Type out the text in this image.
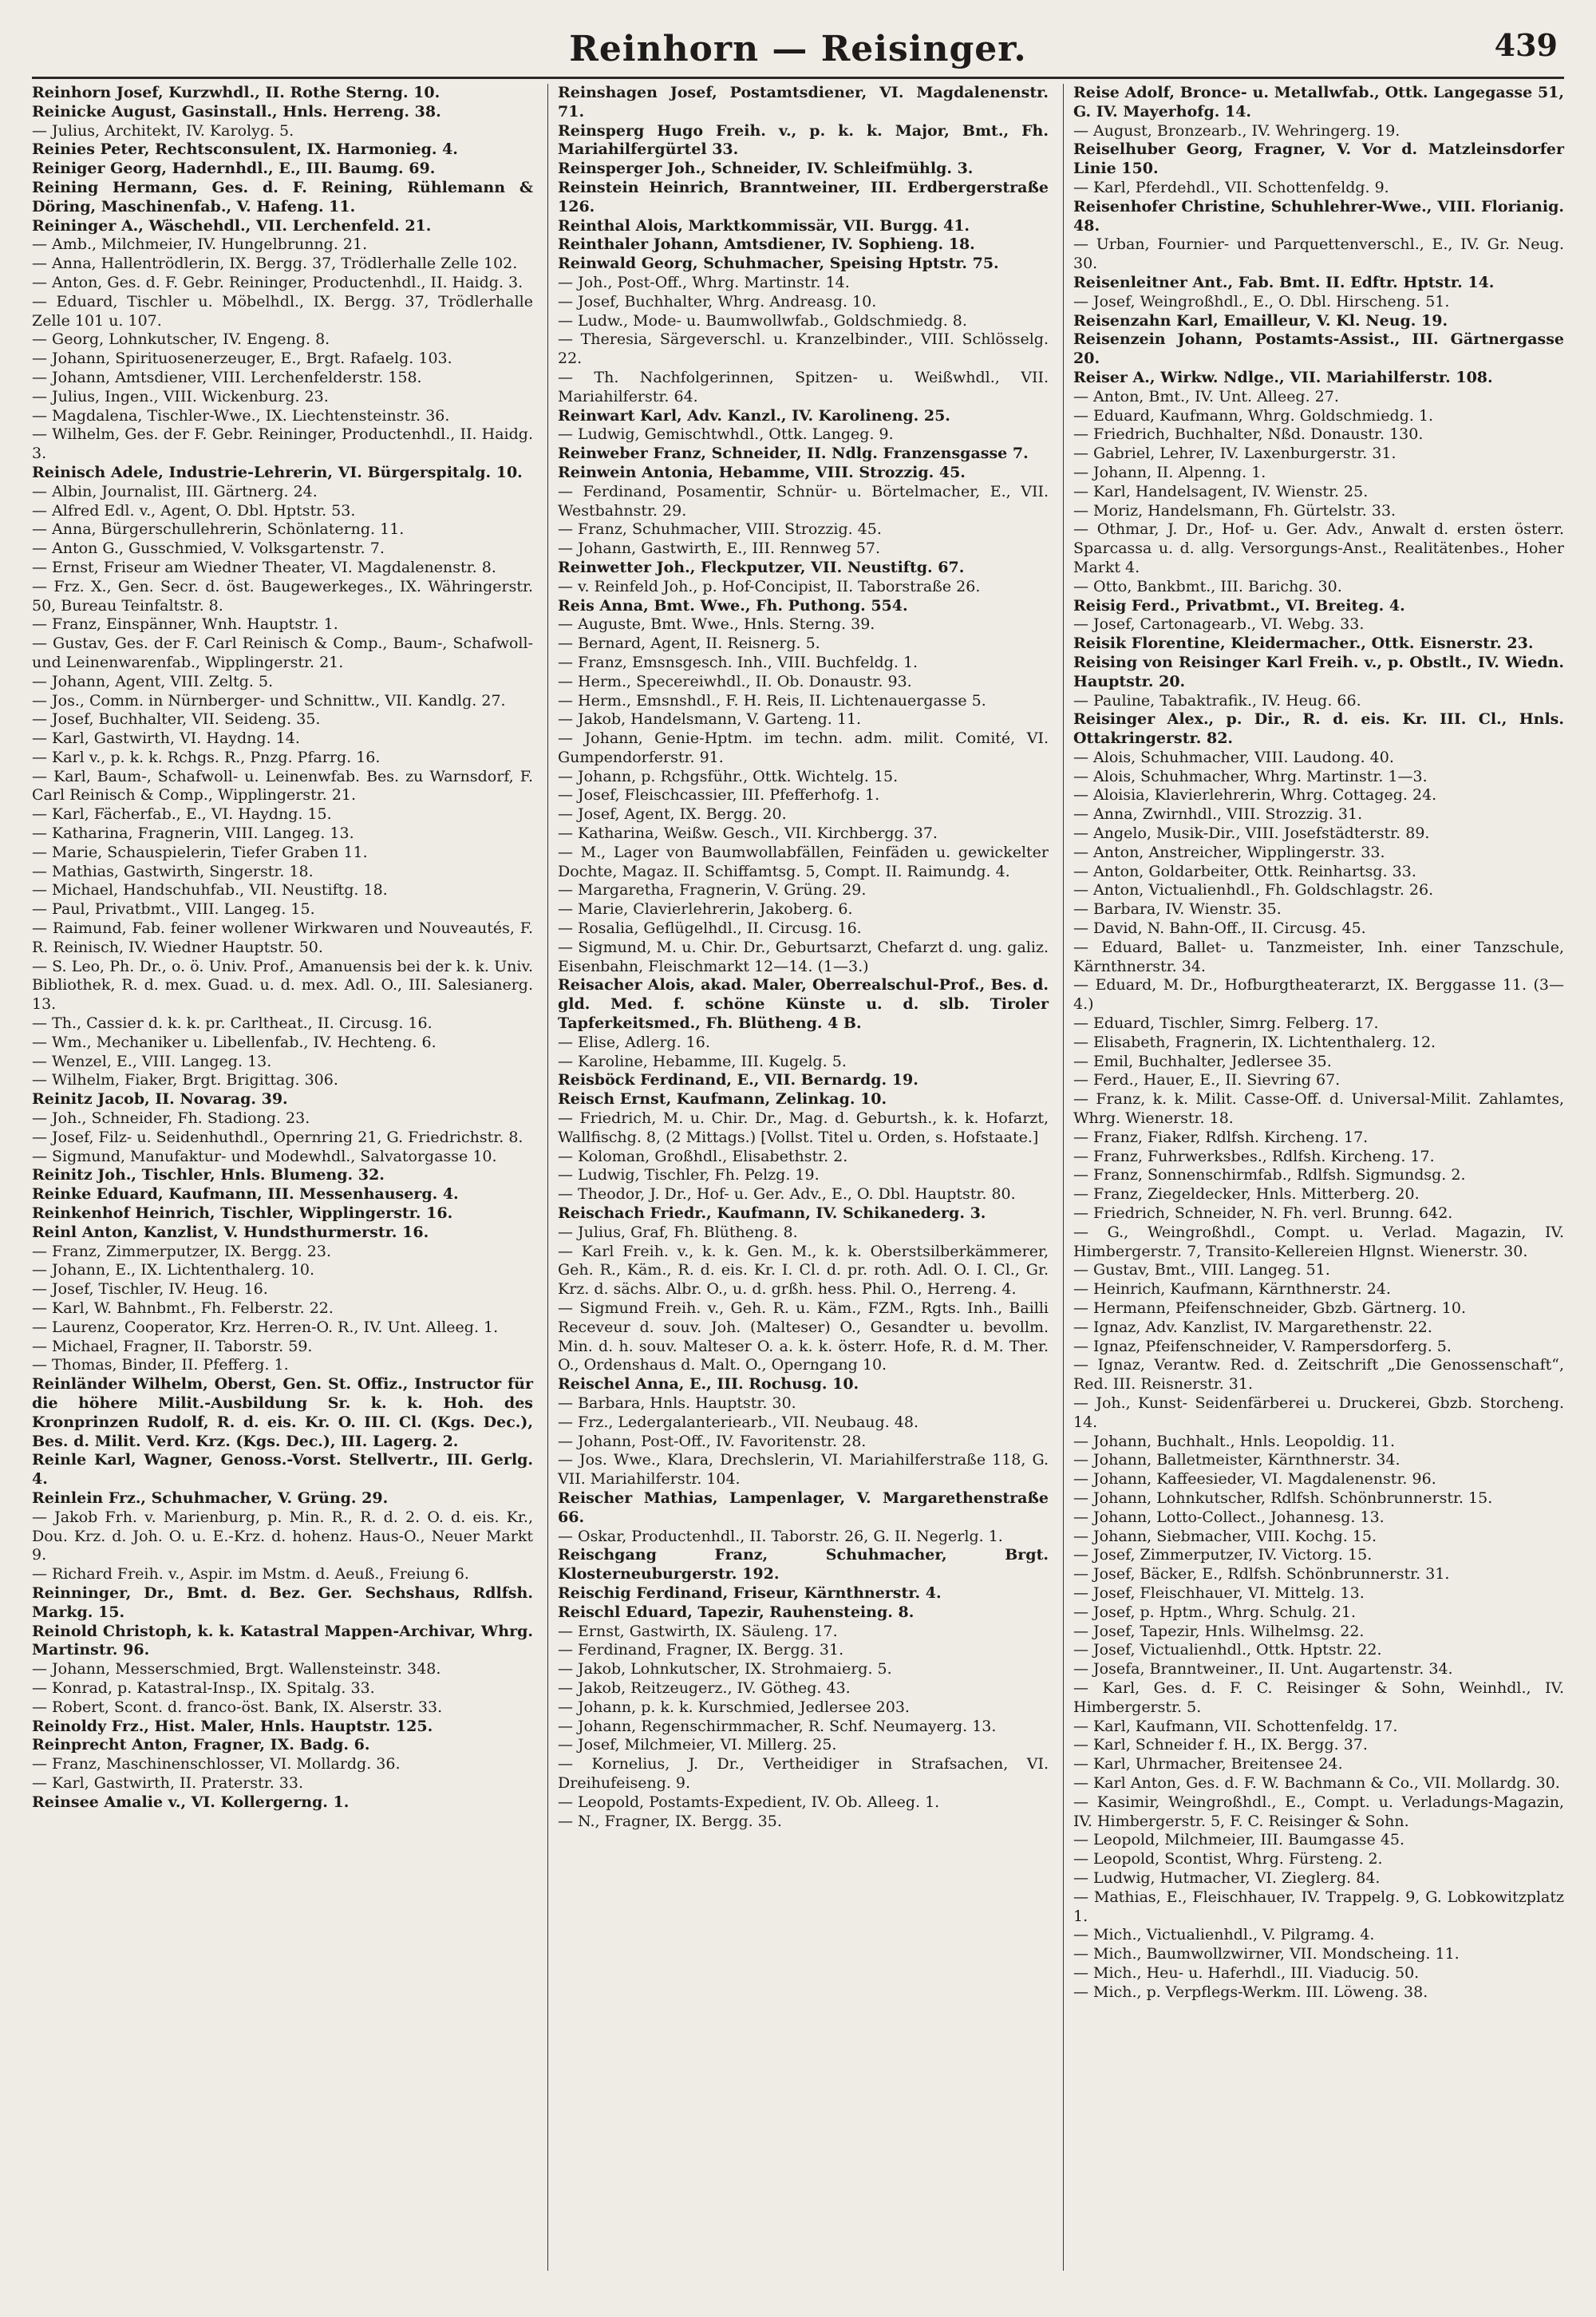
Reinhorn — Reisinger.	439

Reinhorn Josef, Kurzwhdl., II. Rothe Sterng. 10.

Reinicke August, Gasinstall., Hnls. Herreng. 38.

— Julius, Architekt, IV. Karolyg. 5.

Reinies Peter, Rechtsconsulent, IX. Harmonieg. 4.

Reiniger Georg, Hadernhdl., E., III. Baumg. 69.

Reining Hermann, Ges. d. F. Reining, Rühlemann & Döring, Maschinenfab., V. Hafeng. 11.

Reininger A., Wäschehdl., VII. Lerchenfeld. 21.

— Amb., Milchmeier, IV. Hungelbrunng. 21.

— Anna, Hallentrödlerin, IX. Bergg. 37, Trödlerhalle Zelle 102.

— Anton, Ges. d. F. Gebr. Reininger, Productenhdl., II. Haidg. 3.

— Eduard, Tischler u. Möbelhdl., IX. Bergg. 37, Trödlerhalle Zelle 101 u. 107.

— Georg, Lohnkutscher, IV. Engeng. 8.

— Johann, Spirituosenerzeuger, E., Brgt. Rafaelg. 103.

— Johann, Amtsdiener, VIII. Lerchenfelderstr. 158.

— Julius, Ingen., VIII. Wickenburg. 23.

— Magdalena, Tischler-Wwe., IX. Liechtensteinstr. 36.

— Wilhelm, Ges. der F. Gebr. Reininger, Productenhdl., II. Haidg. 3.

Reinisch Adele, Industrie-Lehrerin, VI. Bürgerspitalg. 10.

— Albin, Journalist, III. Gärtnerg. 24.

— Alfred Edl. v., Agent, O. Dbl. Hptstr. 53.

— Anna, Bürgerschullehrerin, Schönlaterng. 11.

— Anton G., Gusschmied, V. Volksgartenstr. 7.

— Ernst, Friseur am Wiedner Theater, VI. Magdalenenstr. 8.

— Frz. X., Gen. Secr. d. öst. Baugewerkeges., IX. Währingerstr. 50, Bureau Teinfaltstr. 8.

— Franz, Einspänner, Wnh. Hauptstr. 1.

— Gustav, Ges. der F. Carl Reinisch & Comp., Baum-, Schafwoll- und Leinenwarenfab., Wipplingerstr. 21.

— Johann, Agent, VIII. Zeltg. 5.

— Jos., Comm. in Nürnberger- und Schnittw., VII. Kandlg. 27.

— Josef, Buchhalter, VII. Seideng. 35.

— Karl, Gastwirth, VI. Haydng. 14.

— Karl v., p. k. k. Rchgs. R., Pnzg. Pfarrg. 16.

— Karl, Baum-, Schafwoll- u. Leinenwfab. Bes. zu Warnsdorf, F. Carl Reinisch & Comp., Wipplingerstr. 21.

— Karl, Fächerfab., E., VI. Haydng. 15.

— Katharina, Fragnerin, VIII. Langeg. 13.

— Marie, Schauspielerin, Tiefer Graben 11.

— Mathias, Gastwirth, Singerstr. 18.

— Michael, Handschuhfab., VII. Neustiftg. 18.

— Paul, Privatbmt., VIII. Langeg. 15.

— Raimund, Fab. feiner wollener Wirkwaren und Nouveautés, F. R. Reinisch, IV. Wiedner Hauptstr. 50.

— S. Leo, Ph. Dr., o. ö. Univ. Prof., Amanuensis bei der k. k. Univ. Bibliothek, R. d. mex. Guad. u. d. mex. Adl. O., III. Salesianerg. 13.

— Th., Cassier d. k. k. pr. Carltheat., II. Circusg. 16.

— Wm., Mechaniker u. Libellenfab., IV. Hechteng. 6.

— Wenzel, E., VIII. Langeg. 13.

— Wilhelm, Fiaker, Brgt. Brigittag. 306.

Reinitz Jacob, II. Novarag. 39.

— Joh., Schneider, Fh. Stadiong. 23.

— Josef, Filz- u. Seidenhuthdl., Opernring 21, G. Friedrichstr. 8.

— Sigmund, Manufaktur- und Modewhdl., Salvatorgasse 10.

Reinitz Joh., Tischler, Hnls. Blumeng. 32.

Reinke Eduard, Kaufmann, III. Messenhauserg. 4.

Reinkenhof Heinrich, Tischler, Wipplingerstr. 16.

Reinl Anton, Kanzlist, V. Hundsthurmerstr. 16.

— Franz, Zimmerputzer, IX. Bergg. 23.

— Johann, E., IX. Lichtenthalerg. 10.

— Josef, Tischler, IV. Heug. 16.

— Karl, W. Bahnbmt., Fh. Felberstr. 22.

— Laurenz, Cooperator, Krz. Herren-O. R., IV. Unt. Alleeg. 1.

— Michael, Fragner, II. Taborstr. 59.

— Thomas, Binder, II. Pfefferg. 1.

Reinländer Wilhelm, Oberst, Gen. St. Offiz., Instructor für die höhere Milit.-Ausbildung Sr. k. k. Hoh. des Kronprinzen Rudolf, R. d. eis. Kr. O. III. Cl. (Kgs. Dec.), Bes. d. Milit. Verd. Krz. (Kgs. Dec.), III. Lagerg. 2.

Reinle Karl, Wagner, Genoss.-Vorst. Stellvertr., III. Gerlg. 4.

Reinlein Frz., Schuhmacher, V. Grüng. 29.

— Jakob Frh. v. Marienburg, p. Min. R., R. d. 2. O. d. eis. Kr., Dou. Krz. d. Joh. O. u. E.-Krz. d. hohenz. Haus-O., Neuer Markt 9.

— Richard Freih. v., Aspir. im Mstm. d. Aeuß., Freiung 6.

Reinninger, Dr., Bmt. d. Bez. Ger. Sechshaus, Rdlfsh. Markg. 15.

Reinold Christoph, k. k. Katastral Mappen-Archivar, Whrg. Martinstr. 96.

— Johann, Messerschmied, Brgt. Wallensteinstr. 348.

— Konrad, p. Katastral-Insp., IX. Spitalg. 33.

— Robert, Scont. d. franco-öst. Bank, IX. Alserstr. 33.

Reinoldy Frz., Hist. Maler, Hnls. Hauptstr. 125.

Reinprecht Anton, Fragner, IX. Badg. 6.

— Franz, Maschinenschlosser, VI. Mollardg. 36.

— Karl, Gastwirth, II. Praterstr. 33.

Reinsee Amalie v., VI. Kollergerng. 1.

Reinshagen Josef, Postamtsdiener, VI. Magdalenenstr. 71.

Reinsperg Hugo Freih. v., p. k. k. Major, Bmt., Fh. Mariahilfergürtel 33.

Reinsperger Joh., Schneider, IV. Schleifmühlg. 3.

Reinstein Heinrich, Branntweiner, III. Erdbergerstraße 126.

Reinthal Alois, Marktkommissär, VII. Burgg. 41.

Reinthaler Johann, Amtsdiener, IV. Sophieng. 18.

Reinwald Georg, Schuhmacher, Speising Hptstr. 75.

— Joh., Post-Off., Whrg. Martinstr. 14.

— Josef, Buchhalter, Whrg. Andreasg. 10.

— Ludw., Mode- u. Baumwollwfab., Goldschmiedg. 8.

— Theresia, Särgeverschl. u. Kranzelbinder., VIII. Schlösselg. 22.

— Th. Nachfolgerinnen, Spitzen- u. Weißwhdl., VII. Mariahilferstr. 64.

Reinwart Karl, Adv. Kanzl., IV. Karolineng. 25.

— Ludwig, Gemischtwhdl., Ottk. Langeg. 9.

Reinweber Franz, Schneider, II. Ndlg. Franzensgasse 7.

Reinwein Antonia, Hebamme, VIII. Strozzig. 45.

— Ferdinand, Posamentir, Schnür- u. Börtelmacher, E., VII. Westbahnstr. 29.

— Franz, Schuhmacher, VIII. Strozzig. 45.

— Johann, Gastwirth, E., III. Rennweg 57.

Reinwetter Joh., Fleckputzer, VII. Neustiftg. 67.

— v. Reinfeld Joh., p. Hof-Concipist, II. Taborstraße 26.

Reis Anna, Bmt. Wwe., Fh. Puthong. 554.

— Auguste, Bmt. Wwe., Hnls. Sterng. 39.

— Bernard, Agent, II. Reisnerg. 5.

— Franz, Emsnsgesch. Inh., VIII. Buchfeldg. 1.

— Herm., Specereiwhdl., II. Ob. Donaustr. 93.

— Herm., Emsnshdl., F. H. Reis, II. Lichtenauergasse 5.

— Jakob, Handelsmann, V. Garteng. 11.

— Johann, Genie-Hptm. im techn. adm. milit. Comité, VI. Gumpendorferstr. 91.

— Johann, p. Rchgsführ., Ottk. Wichtelg. 15.

— Josef, Fleischcassier, III. Pfefferhofg. 1.

— Josef, Agent, IX. Bergg. 20.

— Katharina, Weißw. Gesch., VII. Kirchbergg. 37.

— M., Lager von Baumwollabfällen, Feinfäden u. gewickelter Dochte, Magaz. II. Schiffamtsg. 5, Compt. II. Raimundg. 4.

— Margaretha, Fragnerin, V. Grüng. 29.

— Marie, Clavierlehrerin, Jakoberg. 6.

— Rosalia, Geflügelhdl., II. Circusg. 16.

— Sigmund, M. u. Chir. Dr., Geburtsarzt, Chefarzt d. ung. galiz. Eisenbahn, Fleischmarkt 12—14. (1—3.)

Reisacher Alois, akad. Maler, Oberrealschul-Prof., Bes. d. gld. Med. f. schöne Künste u. d. slb. Tiroler Tapferkeitsmed., Fh. Blütheng. 4 B.

— Elise, Adlerg. 16.

— Karoline, Hebamme, III. Kugelg. 5.

Reisböck Ferdinand, E., VII. Bernardg. 19.

Reisch Ernst, Kaufmann, Zelinkag. 10.

— Friedrich, M. u. Chir. Dr., Mag. d. Geburtsh., k. k. Hofarzt, Wallfischg. 8, (2 Mittags.) [Vollst. Titel u. Orden, s. Hofstaate.]

— Koloman, Großhdl., Elisabethstr. 2.

— Ludwig, Tischler, Fh. Pelzg. 19.

— Theodor, J. Dr., Hof- u. Ger. Adv., E., O. Dbl. Hauptstr. 80.

Reischach Friedr., Kaufmann, IV. Schikanederg. 3.

— Julius, Graf, Fh. Blütheng. 8.

— Karl Freih. v., k. k. Gen. M., k. k. Oberstsilberkämmerer, Geh. R., Käm., R. d. eis. Kr. I. Cl. d. pr. roth. Adl. O. I. Cl., Gr. Krz. d. sächs. Albr. O., u. d. grßh. hess. Phil. O., Herreng. 4.

— Sigmund Freih. v., Geh. R. u. Käm., FZM., Rgts. Inh., Bailli Receveur d. souv. Joh. (Malteser) O., Gesandter u. bevollm. Min. d. h. souv. Malteser O. a. k. k. österr. Hofe, R. d. M. Ther. O., Ordenshaus d. Malt. O., Operngang 10.

Reischel Anna, E., III. Rochusg. 10.

— Barbara, Hnls. Hauptstr. 30.

— Frz., Ledergalanteriearb., VII. Neubaug. 48.

— Johann, Post-Off., IV. Favoritenstr. 28.

— Jos. Wwe., Klara, Drechslerin, VI. Mariahilferstraße 118, G. VII. Mariahilferstr. 104.

Reischer Mathias, Lampenlager, V. Margarethenstraße 66.

— Oskar, Productenhdl., II. Taborstr. 26, G. II. Negerlg. 1.

Reischgang Franz, Schuhmacher, Brgt. Klosterneuburgerstr. 192.

Reischig Ferdinand, Friseur, Kärnthnerstr. 4.

Reischl Eduard, Tapezir, Rauhensteing. 8.

— Ernst, Gastwirth, IX. Säuleng. 17.

— Ferdinand, Fragner, IX. Bergg. 31.

— Jakob, Lohnkutscher, IX. Strohmaierg. 5.

— Jakob, Reitzeugerz., IV. Götheg. 43.

— Johann, p. k. k. Kurschmied, Jedlersee 203.

— Johann, Regenschirmmacher, R. Schf. Neumayerg. 13.

— Josef, Milchmeier, VI. Millerg. 25.

— Kornelius, J. Dr., Vertheidiger in Strafsachen, VI. Dreihufeiseng. 9.

— Leopold, Postamts-Expedient, IV. Ob. Alleeg. 1.

— N., Fragner, IX. Bergg. 35.

Reise Adolf, Bronce- u. Metallwfab., Ottk. Langegasse 51, G. IV. Mayerhofg. 14.

— August, Bronzearb., IV. Wehringerg. 19.

Reiselhuber Georg, Fragner, V. Vor d. Matzleinsdorfer Linie 150.

— Karl, Pferdehdl., VII. Schottenfeldg. 9.

Reisenhofer Christine, Schuhlehrer-Wwe., VIII. Florianig. 48.

— Urban, Fournier- und Parquettenverschl., E., IV. Gr. Neug. 30.

Reisenleitner Ant., Fab. Bmt. II. Edftr. Hptstr. 14.

— Josef, Weingroßhdl., E., O. Dbl. Hirscheng. 51.

Reisenzahn Karl, Emailleur, V. Kl. Neug. 19.

Reisenzein Johann, Postamts-Assist., III. Gärtnergasse 20.

Reiser A., Wirkw. Ndlge., VII. Mariahilferstr. 108.

— Anton, Bmt., IV. Unt. Alleeg. 27.

— Eduard, Kaufmann, Whrg. Goldschmiedg. 1.

— Friedrich, Buchhalter, Nßd. Donaustr. 130.

— Gabriel, Lehrer, IV. Laxenburgerstr. 31.

— Johann, II. Alpenng. 1.

— Karl, Handelsagent, IV. Wienstr. 25.

— Moriz, Handelsmann, Fh. Gürtelstr. 33.

— Othmar, J. Dr., Hof- u. Ger. Adv., Anwalt d. ersten österr. Sparcassa u. d. allg. Versorgungs-Anst., Realitätenbes., Hoher Markt 4.

— Otto, Bankbmt., III. Barichg. 30.

Reisig Ferd., Privatbmt., VI. Breiteg. 4.

— Josef, Cartonagearb., VI. Webg. 33.

Reisik Florentine, Kleidermacher., Ottk. Eisnerstr. 23.

Reising von Reisinger Karl Freih. v., p. Obstlt., IV. Wiedn. Hauptstr. 20.

— Pauline, Tabaktrafik., IV. Heug. 66.

Reisinger Alex., p. Dir., R. d. eis. Kr. III. Cl., Hnls. Ottakringerstr. 82.

— Alois, Schuhmacher, VIII. Laudong. 40.

— Alois, Schuhmacher, Whrg. Martinstr. 1—3.

— Aloisia, Klavierlehrerin, Whrg. Cottageg. 24.

— Anna, Zwirnhdl., VIII. Strozzig. 31.

— Angelo, Musik-Dir., VIII. Josefstädterstr. 89.

— Anton, Anstreicher, Wipplingerstr. 33.

— Anton, Goldarbeiter, Ottk. Reinhartsg. 33.

— Anton, Victualienhdl., Fh. Goldschlagstr. 26.

— Barbara, IV. Wienstr. 35.

— David, N. Bahn-Off., II. Circusg. 45.

— Eduard, Ballet- u. Tanzmeister, Inh. einer Tanzschule, Kärnthnerstr. 34.

— Eduard, M. Dr., Hofburgtheaterarzt, IX. Berggasse 11. (3—4.)

— Eduard, Tischler, Simrg. Felberg. 17.

— Elisabeth, Fragnerin, IX. Lichtenthalerg. 12.

— Emil, Buchhalter, Jedlersee 35.

— Ferd., Hauer, E., II. Sievring 67.

— Franz, k. k. Milit. Casse-Off. d. Universal-Milit. Zahlamtes, Whrg. Wienerstr. 18.

— Franz, Fiaker, Rdlfsh. Kircheng. 17.

— Franz, Fuhrwerksbes., Rdlfsh. Kircheng. 17.

— Franz, Sonnenschirmfab., Rdlfsh. Sigmundsg. 2.

— Franz, Ziegeldecker, Hnls. Mitterberg. 20.

— Friedrich, Schneider, N. Fh. verl. Brunng. 642.

— G., Weingroßhdl., Compt. u. Verlad. Magazin, IV. Himbergerstr. 7, Transito-Kellereien Hlgnst. Wienerstr. 30.

— Gustav, Bmt., VIII. Langeg. 51.

— Heinrich, Kaufmann, Kärnthnerstr. 24.

— Hermann, Pfeifenschneider, Gbzb. Gärtnerg. 10.

— Ignaz, Adv. Kanzlist, IV. Margarethenstr. 22.

— Ignaz, Pfeifenschneider, V. Rampersdorferg. 5.

— Ignaz, Verantw. Red. d. Zeitschrift „Die Genossenschaft“, Red. III. Reisnerstr. 31.

— Joh., Kunst- Seidenfärberei u. Druckerei, Gbzb. Storcheng. 14.

— Johann, Buchhalt., Hnls. Leopoldig. 11.

— Johann, Balletmeister, Kärnthnerstr. 34.

— Johann, Kaffeesieder, VI. Magdalenenstr. 96.

— Johann, Lohnkutscher, Rdlfsh. Schönbrunnerstr. 15.

— Johann, Lotto-Collect., Johannesg. 13.

— Johann, Siebmacher, VIII. Kochg. 15.

— Josef, Zimmerputzer, IV. Victorg. 15.

— Josef, Bäcker, E., Rdlfsh. Schönbrunnerstr. 31.

— Josef, Fleischhauer, VI. Mittelg. 13.

— Josef, p. Hptm., Whrg. Schulg. 21.

— Josef, Tapezir, Hnls. Wilhelmsg. 22.

— Josef, Victualienhdl., Ottk. Hptstr. 22.

— Josefa, Branntweiner., II. Unt. Augartenstr. 34.

— Karl, Ges. d. F. C. Reisinger & Sohn, Weinhdl., IV. Himbergerstr. 5.

— Karl, Kaufmann, VII. Schottenfeldg. 17.

— Karl, Schneider f. H., IX. Bergg. 37.

— Karl, Uhrmacher, Breitensee 24.

— Karl Anton, Ges. d. F. W. Bachmann & Co., VII. Mollardg. 30.

— Kasimir, Weingroßhdl., E., Compt. u. Verladungs-Magazin, IV. Himbergerstr. 5, F. C. Reisinger & Sohn.

— Leopold, Milchmeier, III. Baumgasse 45.

— Leopold, Scontist, Whrg. Fürsteng. 2.

— Ludwig, Hutmacher, VI. Zieglerg. 84.

— Mathias, E., Fleischhauer, IV. Trappelg. 9, G. Lobkowitzplatz 1.

— Mich., Victualienhdl., V. Pilgramg. 4.

— Mich., Baumwollzwirner, VII. Mondscheing. 11.

— Mich., Heu- u. Haferhdl., III. Viaducig. 50.

— Mich., p. Verpflegs-Werkm. III. Löweng. 38.
